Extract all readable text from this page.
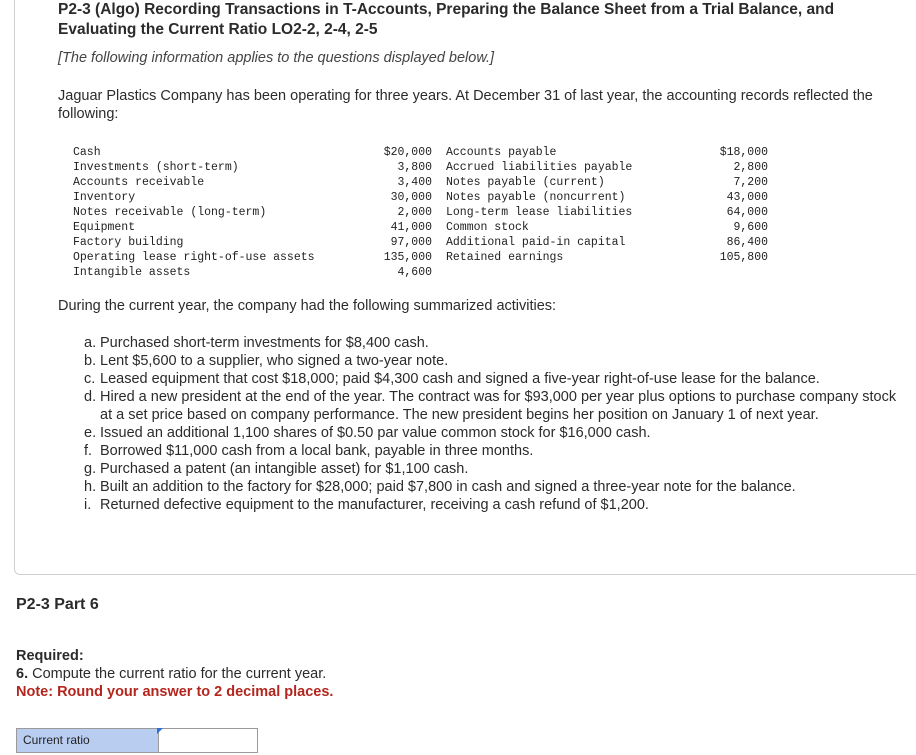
P2-3 (Algo) Recording Transactions in T-Accounts, Preparing the Balance Sheet from a Trial Balance, and Evaluating the Current Ratio LO2-2, 2-4, 2-5
[The following information applies to the questions displayed below.]
Jaguar Plastics Company has been operating for three years. At December 31 of last year, the accounting records reflected the following:
Cash
Investments (short-term)
Accounts receivable
Inventory
Notes receivable (long-term)
Equipment
Factory building
Operating lease right-of-use assets
Intangible assets
$20,000
3,800
3,400
30,000
2,000
41,000
97,000
135,000
4,600
Accounts payable
Accrued liabilities payable
Notes payable (current)
Notes payable (noncurrent)
Long-term lease liabilities
Common stock
Additional paid-in capital
Retained earnings
$18,000
2,800
7,200
43,000
64,000
9,600
86,400
105,800
During the current year, the company had the following summarized activities:
a. Purchased short-term investments for $8,400 cash.
b. Lent $5,600 to a supplier, who signed a two-year note.
c. Leased equipment that cost $18,000; paid $4,300 cash and signed a five-year right-of-use lease for the balance.
d. Hired a new president at the end of the year. The contract was for $93,000 per year plus options to purchase company stock at a set price based on company performance. The new president begins her position on January 1 of next year.
e. Issued an additional 1,100 shares of $0.50 par value common stock for $16,000 cash.
f. Borrowed $11,000 cash from a local bank, payable in three months.
g. Purchased a patent (an intangible asset) for $1,100 cash.
h. Built an addition to the factory for $28,000; paid $7,800 in cash and signed a three-year note for the balance.
i. Returned defective equipment to the manufacturer, receiving a cash refund of $1,200.
P2-3 Part 6
Required:
6. Compute the current ratio for the current year.
Note: Round your answer to 2 decimal places.
Current ratio
